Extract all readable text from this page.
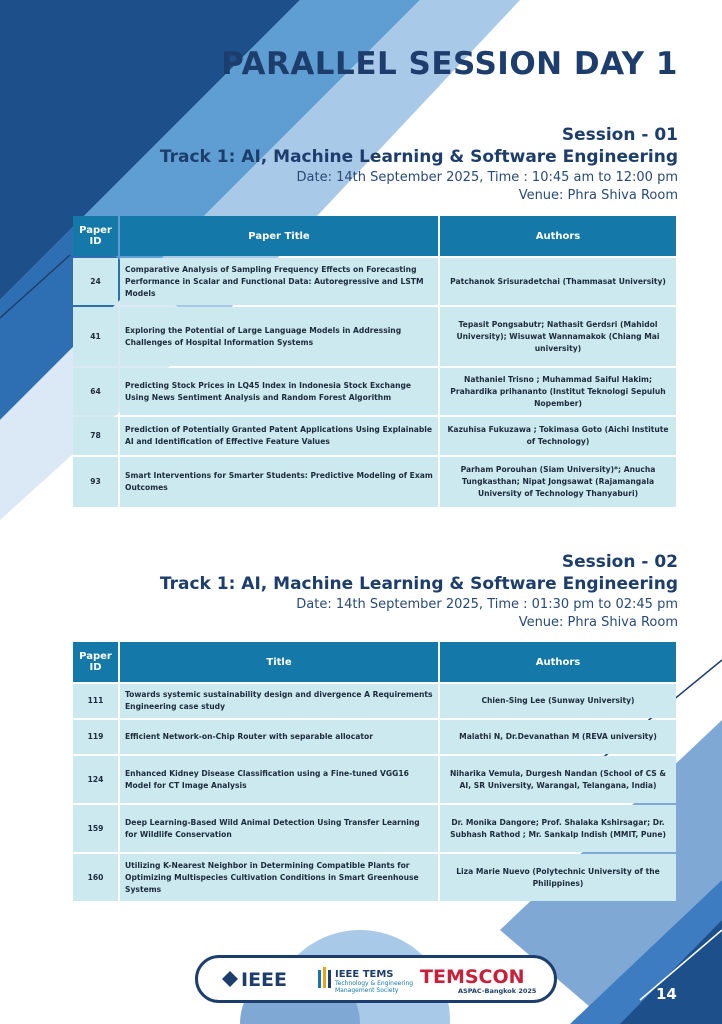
PARALLEL SESSION DAY 1
Session - 01
Track 1: AI, Machine Learning & Software Engineering
Date: 14th September 2025, Time : 10:45 am to 12:00 pm
Venue: Phra Shiva Room
Paper ID	Paper Title	Authors
24	Comparative Analysis of Sampling Frequency Effects on Forecasting Performance in Scalar and Functional Data: Autoregressive and LSTM Models	Patchanok Srisuradetchai (Thammasat University)
41	Exploring the Potential of Large Language Models in Addressing Challenges of Hospital Information Systems	Tepasit Pongsabutr; Nathasit Gerdsri (Mahidol University); Wisuwat Wannamakok (Chiang Mai university)
64	Predicting Stock Prices in LQ45 Index in Indonesia Stock Exchange Using News Sentiment Analysis and Random Forest Algorithm	Nathaniel Trisno ; Muhammad Saiful Hakim; Prahardika prihananto (Institut Teknologi Sepuluh Nopember)
78	Prediction of Potentially Granted Patent Applications Using Explainable AI and Identification of Effective Feature Values	Kazuhisa Fukuzawa ; Tokimasa Goto (Aichi Institute of Technology)
93	Smart Interventions for Smarter Students: Predictive Modeling of Exam Outcomes	Parham Porouhan (Siam University)*; Anucha Tungkasthan; Nipat Jongsawat (Rajamangala University of Technology Thanyaburi)
Session - 02
Track 1: AI, Machine Learning & Software Engineering
Date: 14th September 2025, Time : 01:30 pm to 02:45 pm
Venue: Phra Shiva Room
Paper ID	Title	Authors
111	Towards systemic sustainability design and divergence A Requirements Engineering case study	Chien-Sing Lee (Sunway University)
119	Efficient Network-on-Chip Router with separable allocator	Malathi N, Dr.Devanathan M (REVA university)
124	Enhanced Kidney Disease Classification using a Fine-tuned VGG16 Model for CT Image Analysis	Niharika Vemula, Durgesh Nandan (School of CS & AI, SR University, Warangal, Telangana, India)
159	Deep Learning-Based Wild Animal Detection Using Transfer Learning for Wildlife Conservation	Dr. Monika Dangore; Prof. Shalaka Kshirsagar; Dr. Subhash Rathod ; Mr. Sankalp Indish (MMIT, Pune)
160	Utilizing K-Nearest Neighbor in Determining Compatible Plants for Optimizing Multispecies Cultivation Conditions in Smart Greenhouse Systems	Liza Marie Nuevo (Polytechnic University of the Philippines)
IEEE	IEEE TEMS
Technology & Engineering
Management Society
TEMSCON
ASPAC-Bangkok 2025	14
